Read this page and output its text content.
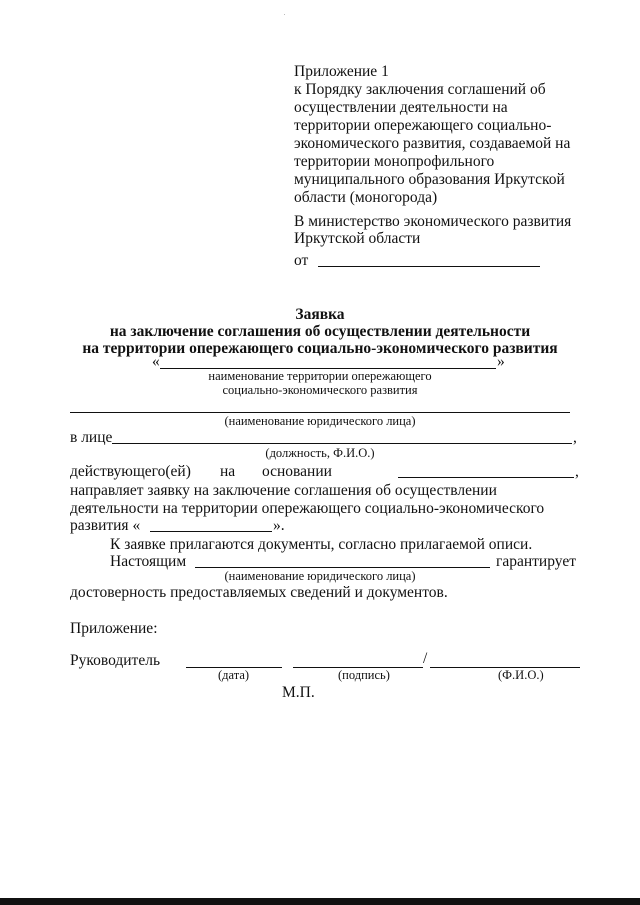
Приложение 1
к Порядку заключения соглашений об
осуществлении деятельности на
территории опережающего социально-
экономического развития, создаваемой на
территории монопрофильного
муниципального образования Иркутской
области (моногорода)
В министерство экономического развития
Иркутской области
от
Заявка
на заключение соглашения об осуществлении деятельности
на территории опережающего социально-экономического развития
«	»
наименование территории опережающего
социально-экономического развития
(наименование юридического лица)
в лице	,
(должность, Ф.И.О.)
действующего(ей) на основании	,
направляет заявку на заключение соглашения об осуществлении
деятельности на территории опережающего социально-экономического
развития «	».
К заявке прилагаются документы, согласно прилагаемой описи.
Настоящим	гарантирует
(наименование юридического лица)
достоверность предоставляемых сведений и документов.
Приложение:
Руководитель	/
(дата)	(подпись)	(Ф.И.О.)
М.П.
